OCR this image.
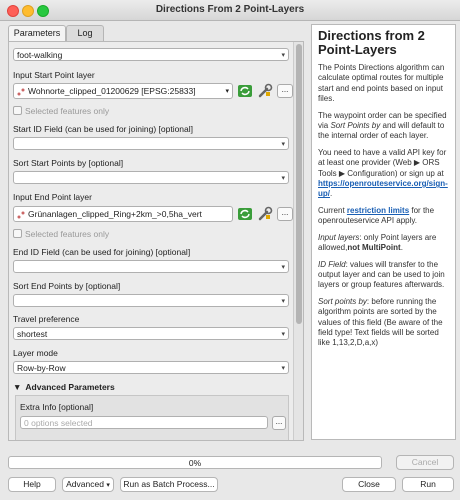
Directions From 2 Point-Layers
Parameters	Log
foot-walking	▾
Input Start Point layer
Wohnorte_clipped_01200629 [EPSG:25833]	▾	...
Selected features only
Start ID Field (can be used for joining) [optional]
▾
Sort Start Points by [optional]
▾
Input End Point layer
Grünanlagen_clipped_Ring+2km_>0,5ha_vert	...
Selected features only
End ID Field (can be used for joining) [optional]
▾
Sort End Points by [optional]
▾
Travel preference
shortest	▾
Layer mode
Row-by-Row	▾
▼ Advanced Parameters
Extra Info [optional]
0 options selected	...
Directions from 2 Point-Layers

The Points Directions algorithm can calculate optimal routes for multiple start and end points based on input files.

The waypoint order can be specified via Sort Points by and will default to the internal order of each layer.

You need to have a valid API key for at least one provider (Web ▶ ORS Tools ▶ Configuration) or sign up at https://openrouteservice.org/sign-up/.

Current restriction limits for the openrouteservice API apply.

Input layers: only Point layers are allowed,not MultiPoint.

ID Field: values will transfer to the output layer and can be used to join layers or group features afterwards.

Sort points by: before running the algorithm points are sorted by the values of this field (Be aware of the field type! Text fields will be sorted like 1,13,2,D,a,x)

0%	Cancel
Help	Advanced ▾	Run as Batch Process...	Close	Run
